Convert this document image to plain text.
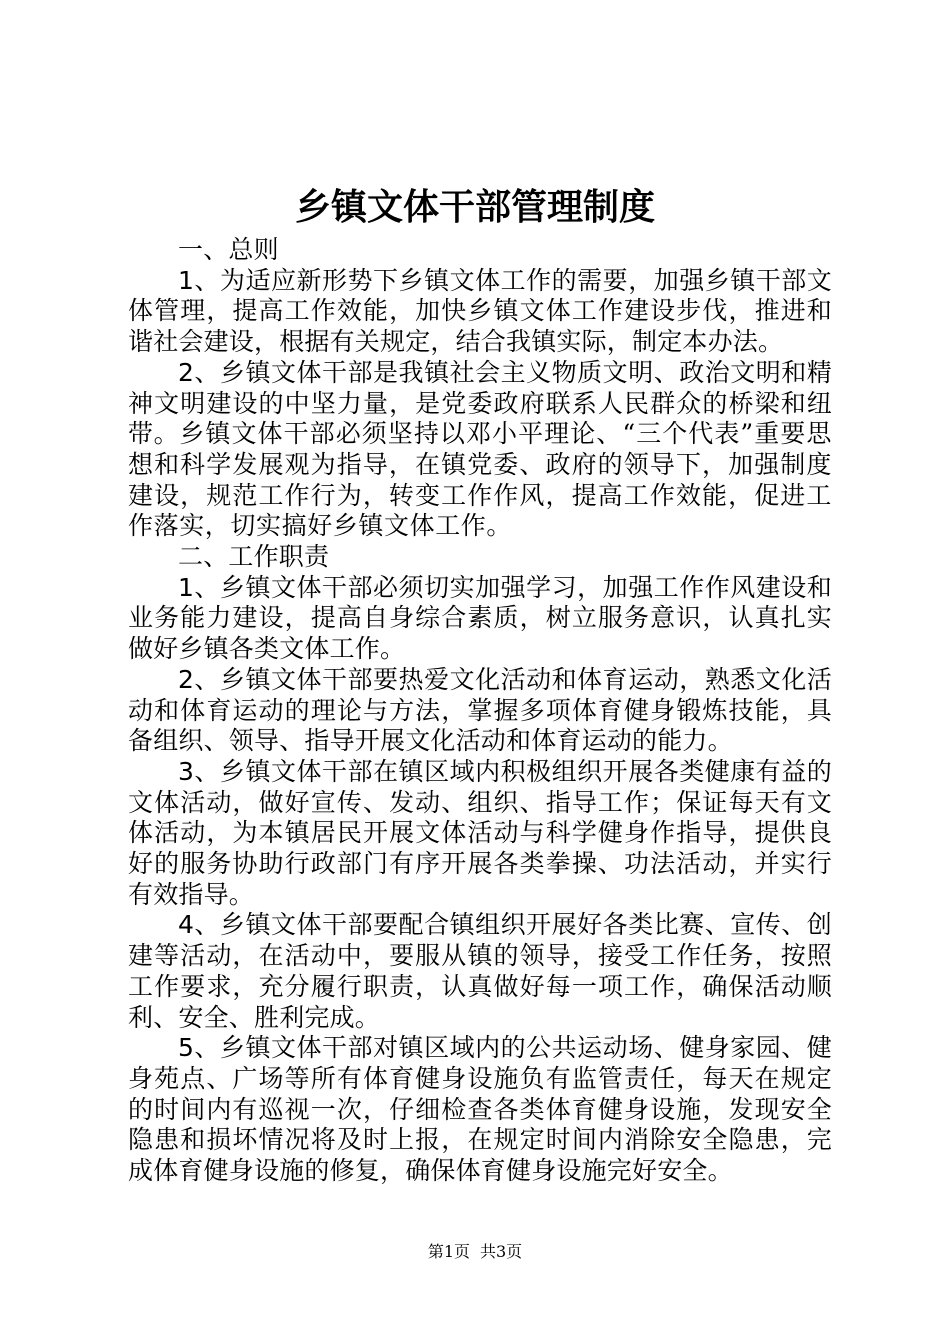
乡镇文体干部管理制度

一、总则

1、为适应新形势下乡镇文体工作的需要，加强乡镇干部文体管理，提高工作效能，加快乡镇文体工作建设步伐，推进和谐社会建设，根据有关规定，结合我镇实际，制定本办法。

2、乡镇文体干部是我镇社会主义物质文明、政治文明和精神文明建设的中坚力量，是党委政府联系人民群众的桥梁和纽带。乡镇文体干部必须坚持以邓小平理论、“三个代表”重要思想和科学发展观为指导，在镇党委、政府的领导下，加强制度建设，规范工作行为，转变工作作风，提高工作效能，促进工作落实，切实搞好乡镇文体工作。

二、工作职责

1、乡镇文体干部必须切实加强学习，加强工作作风建设和业务能力建设，提高自身综合素质，树立服务意识，认真扎实做好乡镇各类文体工作。

2、乡镇文体干部要热爱文化活动和体育运动，熟悉文化活动和体育运动的理论与方法，掌握多项体育健身锻炼技能，具备组织、领导、指导开展文化活动和体育运动的能力。

3、乡镇文体干部在镇区域内积极组织开展各类健康有益的文体活动，做好宣传、发动、组织、指导工作；保证每天有文体活动，为本镇居民开展文体活动与科学健身作指导，提供良好的服务协助行政部门有序开展各类拳操、功法活动，并实行有效指导。

4、乡镇文体干部要配合镇组织开展好各类比赛、宣传、创建等活动，在活动中，要服从镇的领导，接受工作任务，按照工作要求，充分履行职责，认真做好每一项工作，确保活动顺利、安全、胜利完成。

5、乡镇文体干部对镇区域内的公共运动场、健身家园、健身苑点、广场等所有体育健身设施负有监管责任，每天在规定的时间内有巡视一次，仔细检查各类体育健身设施，发现安全隐患和损坏情况将及时上报，在规定时间内消除安全隐患，完成体育健身设施的修复，确保体育健身设施完好安全。

第1页 共3页
